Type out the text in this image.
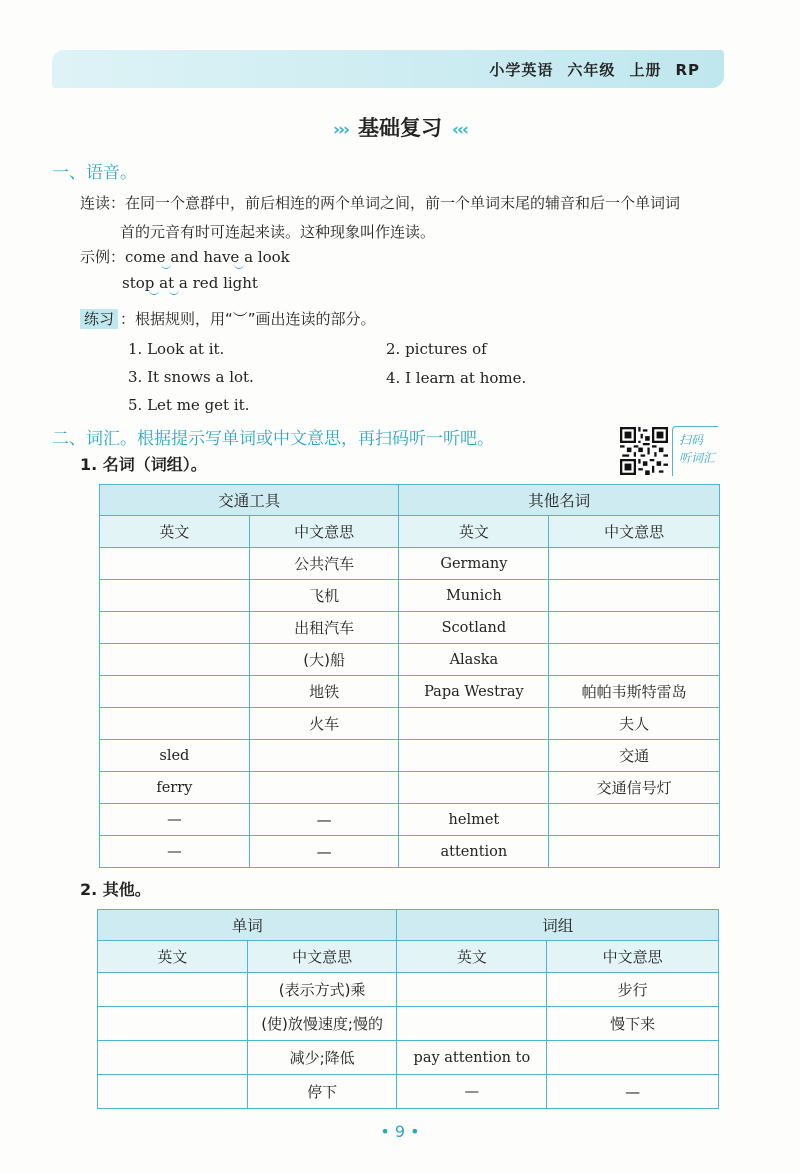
小学英语 六年级 上册 RP
››› 基础复习 ‹‹‹
一、语音。
连读：在同一个意群中，前后相连的两个单词之间，前一个单词末尾的辅音和后一个单词词
首的元音有时可连起来读。这种现象叫作连读。
示例：come and have a look
stop at a red light
练习 ：根据规则，用“︶”画出连读的部分。
1. Look at it.	2. pictures of
3. It snows a lot.	4. I learn at home.
5. Let me get it.
二、词汇。根据提示写单词或中文意思，再扫码听一听吧。	扫码
听词汇
1. 名词（词组）。
交通工具		其他名词	
英文	中文意思	英文	中文意思
	公共汽车	Germany	
	飞机	Munich	
	出租汽车	Scotland	
	(大)船	Alaska	
	地铁	Papa Westray	帕帕韦斯特雷岛
	火车		夫人
sled			交通
ferry			交通信号灯
—	—	helmet	
—	—	attention	
2. 其他。
单词		词组	
英文	中文意思	英文	中文意思
	(表示方式)乘		步行
	(使)放慢速度;慢的		慢下来
	减少;降低	pay attention to	
	停下	—	—
• 9 •
